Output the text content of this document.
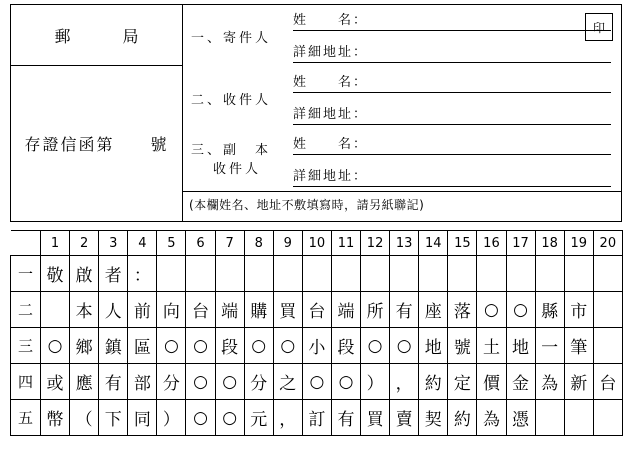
郵　局
存證信函第　　號
印
一、 寄件人
姓　　名：
詳細地址：
二、 收件人
姓　　名：
詳細地址：
三、副　本
收件人
姓　　名：
詳細地址：
(本欄姓名、地址不敷填寫時，請另紙聯記)
	1	2	3	4	5	6	7	8	9	10	11	12	13	14	15	16	17	18	19	20
一	敬	啟	者	：																
二		本	人	前	向	台	端	購	買	台	端	所	有	座	落	○	○	縣	市	
三	○	鄉	鎮	區	○	○	段	○	○	小	段	○	○	地	號	土	地	一	筆	
四	或	應	有	部	分	○	○	分	之	○	○	）	，	約	定	價	金	為	新	台
五	幣	（	下	同	）	○	○	元	，	訂	有	買	賣	契	約	為	憑			
